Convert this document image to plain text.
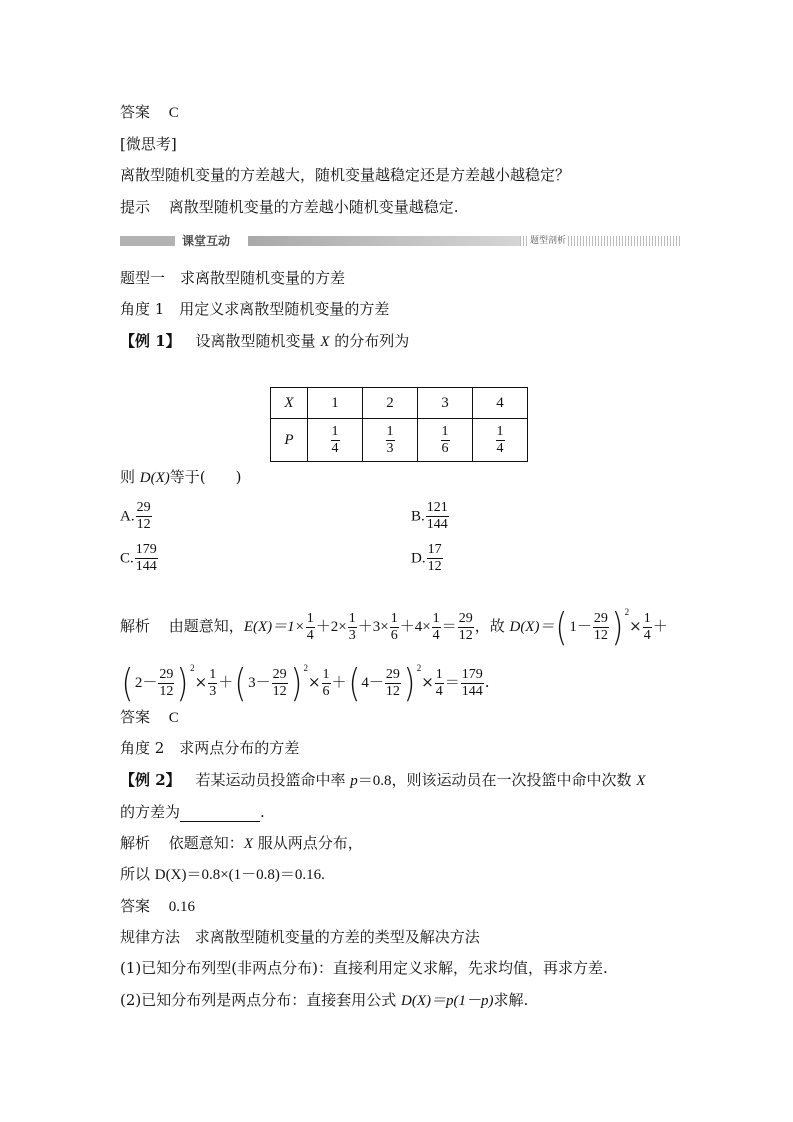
答案 C
[微思考]
离散型随机变量的方差越大，随机变量越稳定还是方差越小越稳定？
提示 离散型随机变量的方差越小随机变量越稳定.
课堂互动	题型剖析
题型一　求离散型随机变量的方差
角度 1　用定义求离散型随机变量的方差
【例 1】 设离散型随机变量 X 的分布列为
X	1	2	3	4
P	$\frac{1}{4}$	$\frac{1}{3}$	$\frac{1}{6}$	$\frac{1}{4}$
则 D(X)等于(　　)
A. $\frac{29}{12}$	B. $\frac{121}{144}$
C. $\frac{179}{144}$	D. $\frac{17}{12}$
解析 由题意知，$E(X)=1\times \frac{1}{4} +2\times \frac{1}{3} +3\times \frac{1}{6} +4\times \frac{1}{4} = \frac{29}{12}$ ，故 $D(X)=(1- \frac{29}{12} )^2\times \frac{1}{4}$ ＋
$(2- \frac{29}{12} )^2\times \frac{1}{3} +(3- \frac{29}{12} )^2\times \frac{1}{6} +(4- \frac{29}{12} )^2\times \frac{1}{4} = \frac{179}{144}$ .
答案 C
角度 2　求两点分布的方差
【例 2】 若某运动员投篮命中率 p＝0.8，则该运动员在一次投篮中命中次数 X
的方差为	.
解析 依题意知：X 服从两点分布，
所以 D(X)＝0.8×(1－0.8)＝0.16.
答案 0.16
规律方法 求离散型随机变量的方差的类型及解决方法
(1)已知分布列型(非两点分布)：直接利用定义求解，先求均值，再求方差.
(2)已知分布列是两点分布：直接套用公式 D(X)＝p(1－p)求解.
